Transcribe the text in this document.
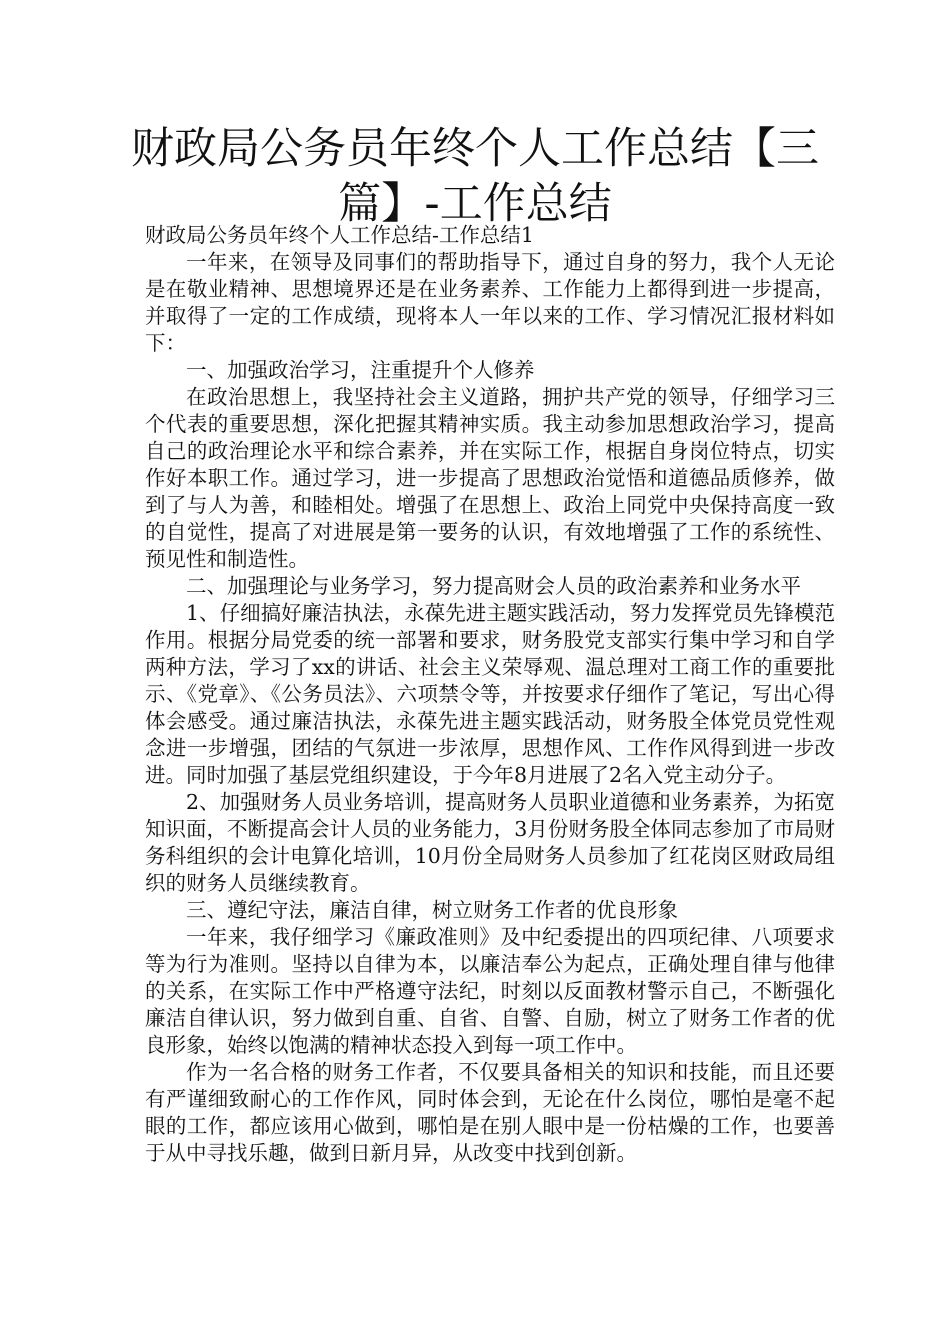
财政局公务员年终个人工作总结【三篇】-工作总结

财政局公务员年终个人工作总结-工作总结1

一年来，在领导及同事们的帮助指导下，通过自身的努力，我个人无论是在敬业精神、思想境界还是在业务素养、工作能力上都得到进一步提高，并取得了一定的工作成绩，现将本人一年以来的工作、学习情况汇报材料如下：

一、加强政治学习，注重提升个人修养

在政治思想上，我坚持社会主义道路，拥护共产党的领导，仔细学习三个代表的重要思想，深化把握其精神实质。我主动参加思想政治学习，提高自己的政治理论水平和综合素养，并在实际工作，根据自身岗位特点，切实作好本职工作。通过学习，进一步提高了思想政治觉悟和道德品质修养，做到了与人为善，和睦相处。增强了在思想上、政治上同党中央保持高度一致的自觉性，提高了对进展是第一要务的认识，有效地增强了工作的系统性、预见性和制造性。

二、加强理论与业务学习，努力提高财会人员的政治素养和业务水平

1、仔细搞好廉洁执法，永葆先进主题实践活动，努力发挥党员先锋模范作用。根据分局党委的统一部署和要求，财务股党支部实行集中学习和自学两种方法，学习了xx的讲话、社会主义荣辱观、温总理对工商工作的重要批示、《党章》、《公务员法》、六项禁令等，并按要求仔细作了笔记，写出心得体会感受。通过廉洁执法，永葆先进主题实践活动，财务股全体党员党性观念进一步增强，团结的气氛进一步浓厚，思想作风、工作作风得到进一步改进。同时加强了基层党组织建设，于今年8月进展了2名入党主动分子。

2、加强财务人员业务培训，提高财务人员职业道德和业务素养，为拓宽知识面，不断提高会计人员的业务能力，3月份财务股全体同志参加了市局财务科组织的会计电算化培训，10月份全局财务人员参加了红花岗区财政局组织的财务人员继续教育。

三、遵纪守法，廉洁自律，树立财务工作者的优良形象

一年来，我仔细学习《廉政准则》及中纪委提出的四项纪律、八项要求等为行为准则。坚持以自律为本，以廉洁奉公为起点，正确处理自律与他律的关系，在实际工作中严格遵守法纪，时刻以反面教材警示自己，不断强化廉洁自律认识，努力做到自重、自省、自警、自励，树立了财务工作者的优良形象，始终以饱满的精神状态投入到每一项工作中。

作为一名合格的财务工作者，不仅要具备相关的知识和技能，而且还要有严谨细致耐心的工作作风，同时体会到，无论在什么岗位，哪怕是毫不起眼的工作，都应该用心做到，哪怕是在别人眼中是一份枯燥的工作，也要善于从中寻找乐趣，做到日新月异，从改变中找到创新。
